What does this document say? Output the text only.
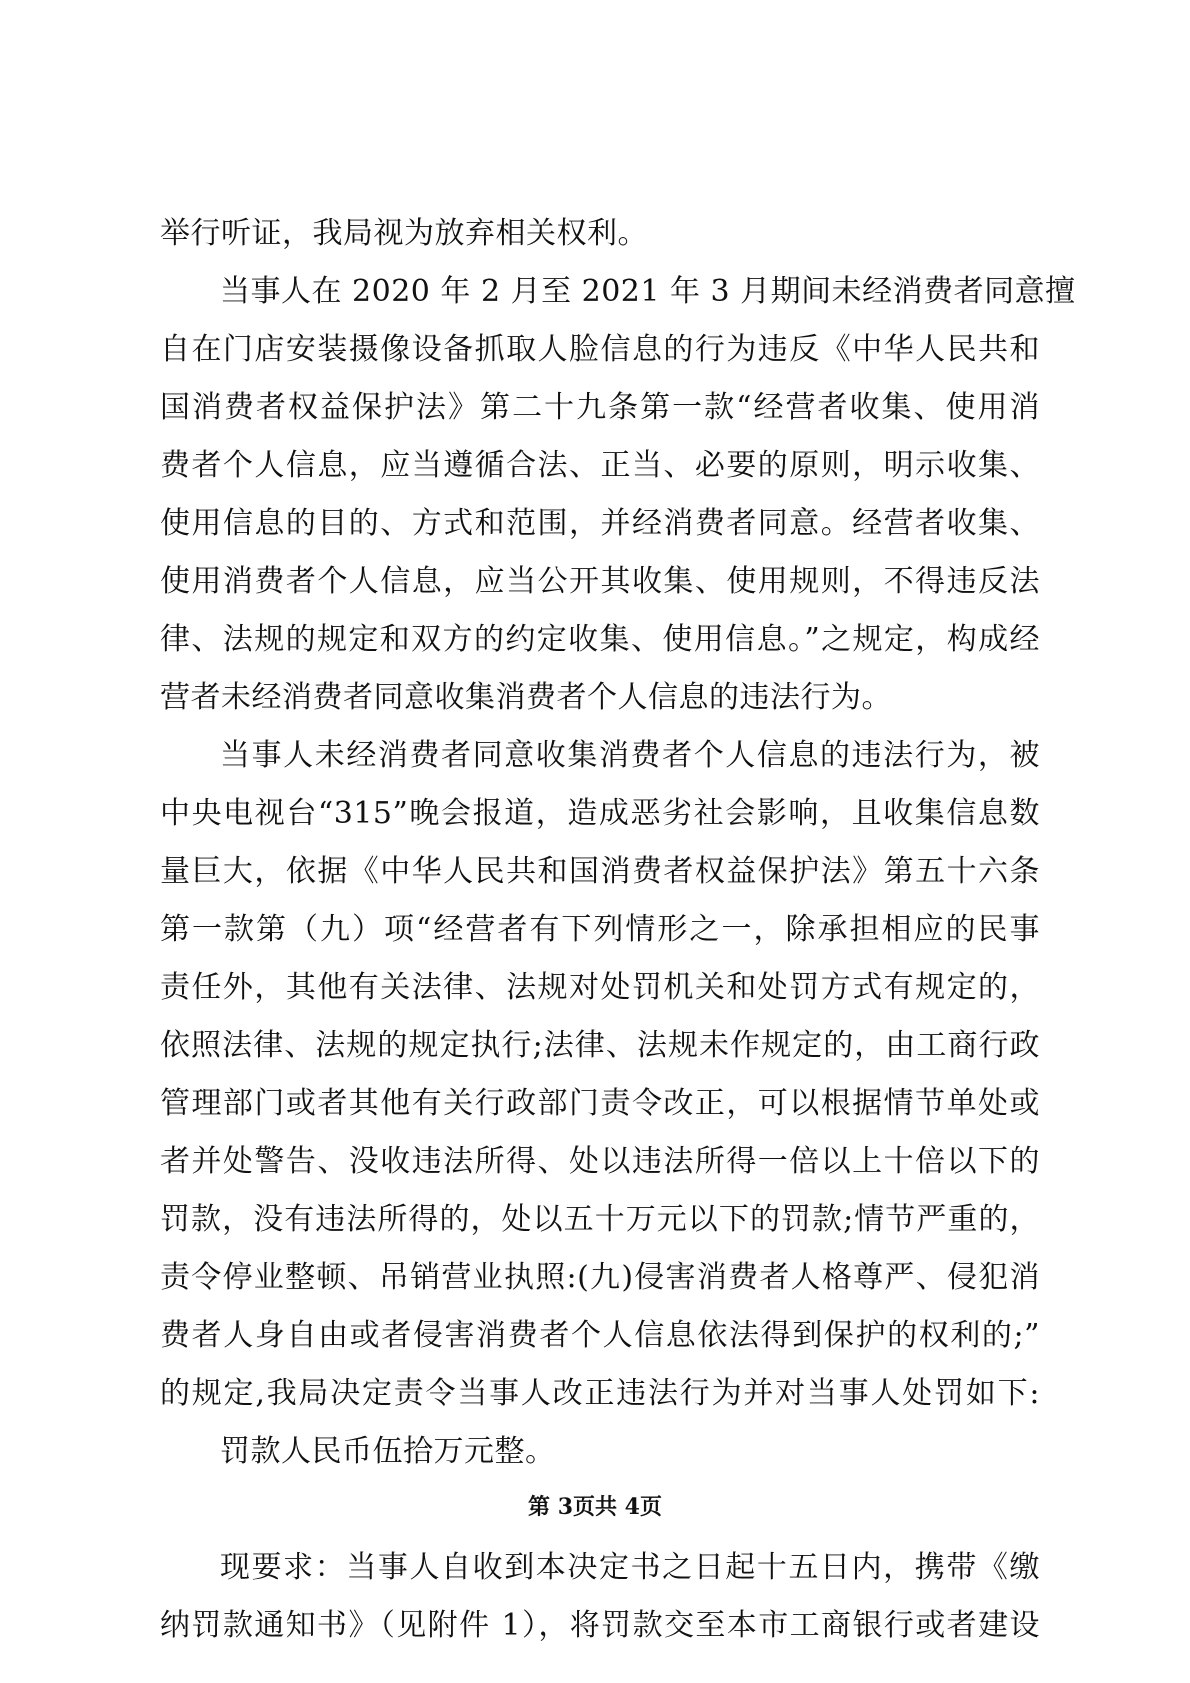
举行听证，我局视为放弃相关权利。
当事人在 2020 年 2 月至 2021 年 3 月期间未经消费者同意擅
自在门店安装摄像设备抓取人脸信息的行为违反《中华人民共和
国消费者权益保护法》第二十九条第一款“经营者收集、使用消
费者个人信息，应当遵循合法、正当、必要的原则，明示收集、
使用信息的目的、方式和范围，并经消费者同意。经营者收集、
使用消费者个人信息，应当公开其收集、使用规则，不得违反法
律、法规的规定和双方的约定收集、使用信息。”之规定，构成经
营者未经消费者同意收集消费者个人信息的违法行为。
当事人未经消费者同意收集消费者个人信息的违法行为，被
中央电视台“315”晚会报道，造成恶劣社会影响，且收集信息数
量巨大，依据《中华人民共和国消费者权益保护法》第五十六条
第一款第（九）项“经营者有下列情形之一，除承担相应的民事
责任外，其他有关法律、法规对处罚机关和处罚方式有规定的，
依照法律、法规的规定执行;法律、法规未作规定的，由工商行政
管理部门或者其他有关行政部门责令改正，可以根据情节单处或
者并处警告、没收违法所得、处以违法所得一倍以上十倍以下的
罚款，没有违法所得的，处以五十万元以下的罚款;情节严重的，
责令停业整顿、吊销营业执照:(九)侵害消费者人格尊严、侵犯消
费者人身自由或者侵害消费者个人信息依法得到保护的权利的;”
的规定,我局决定责令当事人改正违法行为并对当事人处罚如下:
罚款人民币伍拾万元整。
现要求：当事人自收到本决定书之日起十五日内，携带《缴
纳罚款通知书》（见附件 1），将罚款交至本市工商银行或者建设
第 3页共 4页
